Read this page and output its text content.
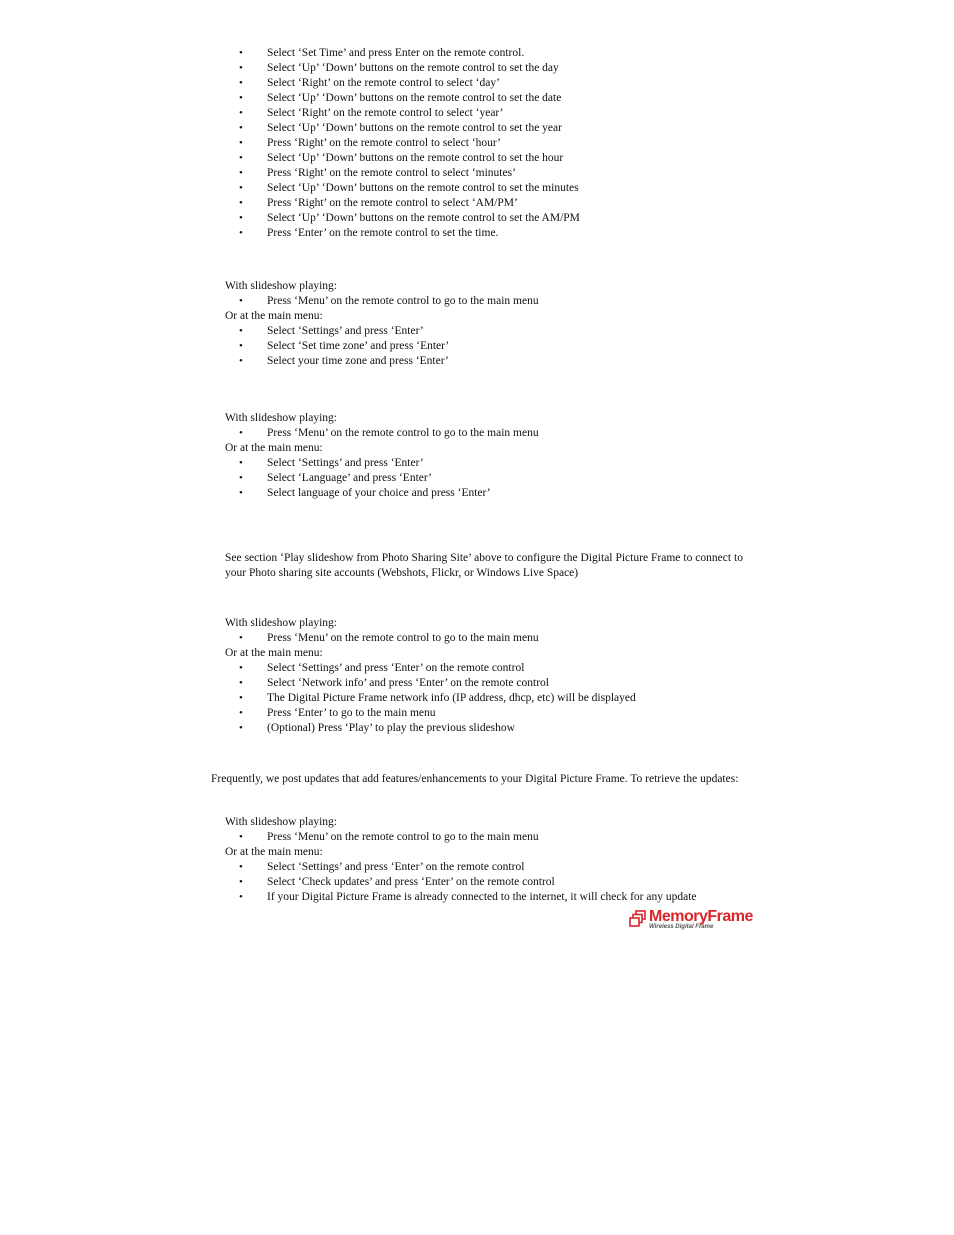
• Select ‘Set Time’ and press Enter on the remote control.
• Select ‘Up’ ‘Down’ buttons on the remote control to set the day
• Select ‘Right’ on the remote control to select ‘day’
• Select ‘Up’ ‘Down’ buttons on the remote control to set the date
• Select ‘Right’ on the remote control to select ‘year’
• Select ‘Up’ ‘Down’ buttons on the remote control to set the year
• Press ‘Right’ on the remote control to select ‘hour’
• Select ‘Up’ ‘Down’ buttons on the remote control to set the hour
• Press ‘Right’ on the remote control to select ‘minutes’
• Select ‘Up’ ‘Down’ buttons on the remote control to set the minutes
• Press ‘Right’ on the remote control to select ‘AM/PM’
• Select ‘Up’ ‘Down’ buttons on the remote control to set the AM/PM
• Press ‘Enter’ on the remote control to set the time.
With slideshow playing:
• Press ‘Menu’ on the remote control to go to the main menu
Or at the main menu:
• Select ‘Settings’ and press ‘Enter’
• Select ‘Set time zone’ and press ‘Enter’
• Select your time zone and press ‘Enter’
With slideshow playing:
• Press ‘Menu’ on the remote control to go to the main menu
Or at the main menu:
• Select ‘Settings’ and press ‘Enter’
• Select ‘Language’ and press ‘Enter’
• Select language of your choice and press ‘Enter’
See section ‘Play slideshow from Photo Sharing Site’ above to configure the Digital Picture Frame to connect to your Photo sharing site accounts (Webshots, Flickr, or Windows Live Space)
With slideshow playing:
• Press ‘Menu’ on the remote control to go to the main menu
Or at the main menu:
• Select ‘Settings’ and press ‘Enter’ on the remote control
• Select ‘Network info’ and press ‘Enter’ on the remote control
• The Digital Picture Frame network info (IP address, dhcp, etc) will be displayed
• Press ‘Enter’ to go to the main menu
• (Optional) Press ‘Play’ to play the previous slideshow
Frequently, we post updates that add features/enhancements to your Digital Picture Frame. To retrieve the updates:
With slideshow playing:
• Press ‘Menu’ on the remote control to go to the main menu
Or at the main menu:
• Select ‘Settings’ and press ‘Enter’ on the remote control
• Select ‘Check updates’ and press ‘Enter’ on the remote control
• If your Digital Picture Frame is already connected to the internet, it will check for any update
MemoryFrame
Wireless Digital Frame
